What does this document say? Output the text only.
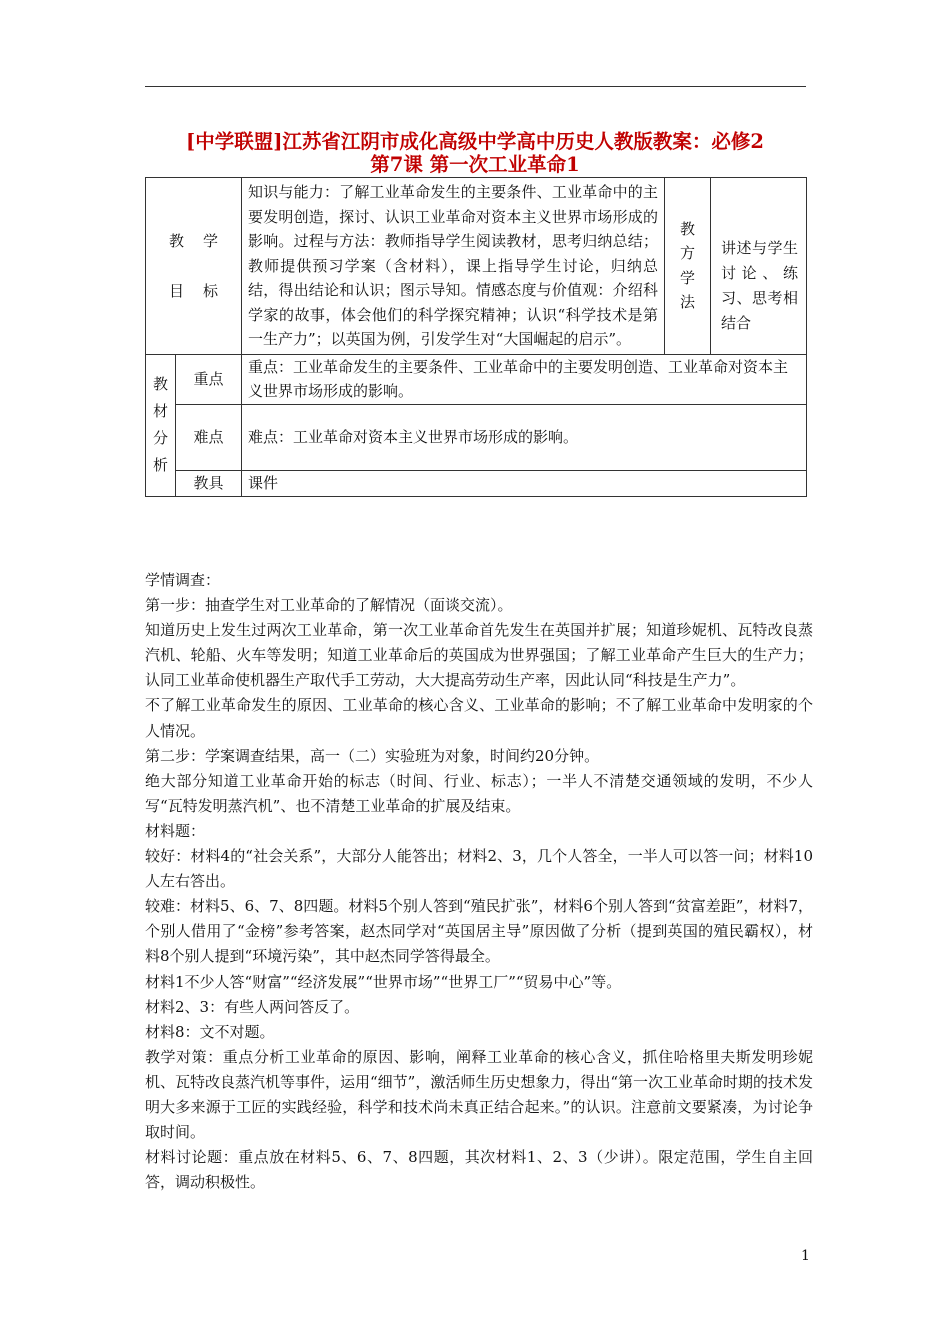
[中学联盟]江苏省江阴市成化高级中学高中历史人教版教案：必修2
第7课 第一次工业革命1
教    学
目    标		知识与能力：了解工业革命发生的主要条件、工业革命中的主要发明创造，探讨、认识工业革命对资本主义世界市场形成的影响。过程与方法：教师指导学生阅读教材，思考归纳总结；教师提供预习学案（含材料），课上指导学生讨论，归纳总结，得出结论和认识；图示导知。情感态度与价值观：介绍科学家的故事，体会他们的科学探究精神；认识“科学技术是第一生产力”；以英国为例，引发学生对“大国崛起的启示”。	教方学法	讲述与学生讨论、练习、思考相结合

教材分析	重点	重点：工业革命发生的主要条件、工业革命中的主要发明创造、工业革命对资本主义世界市场形成的影响。		
	难点	难点：工业革命对资本主义世界市场形成的影响。		
	教具	课件		

学情调查：

第一步：抽查学生对工业革命的了解情况（面谈交流）。

知道历史上发生过两次工业革命，第一次工业革命首先发生在英国并扩展；知道珍妮机、瓦特改良蒸汽机、轮船、火车等发明；知道工业革命后的英国成为世界强国；了解工业革命产生巨大的生产力；认同工业革命使机器生产取代手工劳动，大大提高劳动生产率，因此认同“科技是生产力”。

不了解工业革命发生的原因、工业革命的核心含义、工业革命的影响；不了解工业革命中发明家的个人情况。

第二步：学案调查结果，高一（二）实验班为对象，时间约20分钟。

绝大部分知道工业革命开始的标志（时间、行业、标志）；一半人不清楚交通领域的发明，不少人写“瓦特发明蒸汽机”、也不清楚工业革命的扩展及结束。

材料题：

较好：材料4的“社会关系”，大部分人能答出；材料2、3，几个人答全，一半人可以答一问；材料10人左右答出。

较难：材料5、6、7、8四题。材料5个别人答到“殖民扩张”，材料6个别人答到“贫富差距”，材料7，个别人借用了“金榜”参考答案，赵杰同学对“英国居主导”原因做了分析（提到英国的殖民霸权），材料8个别人提到“环境污染”，其中赵杰同学答得最全。

材料1不少人答“财富”“经济发展”“世界市场”“世界工厂”“贸易中心”等。

材料2、3：有些人两问答反了。

材料8：文不对题。

教学对策：重点分析工业革命的原因、影响，阐释工业革命的核心含义，抓住哈格里夫斯发明珍妮机、瓦特改良蒸汽机等事件，运用“细节”，激活师生历史想象力，得出“第一次工业革命时期的技术发明大多来源于工匠的实践经验，科学和技术尚未真正结合起来。”的认识。注意前文要紧凑，为讨论争取时间。

材料讨论题：重点放在材料5、6、7、8四题，其次材料1、2、3（少讲）。限定范围，学生自主回答，调动积极性。

1
